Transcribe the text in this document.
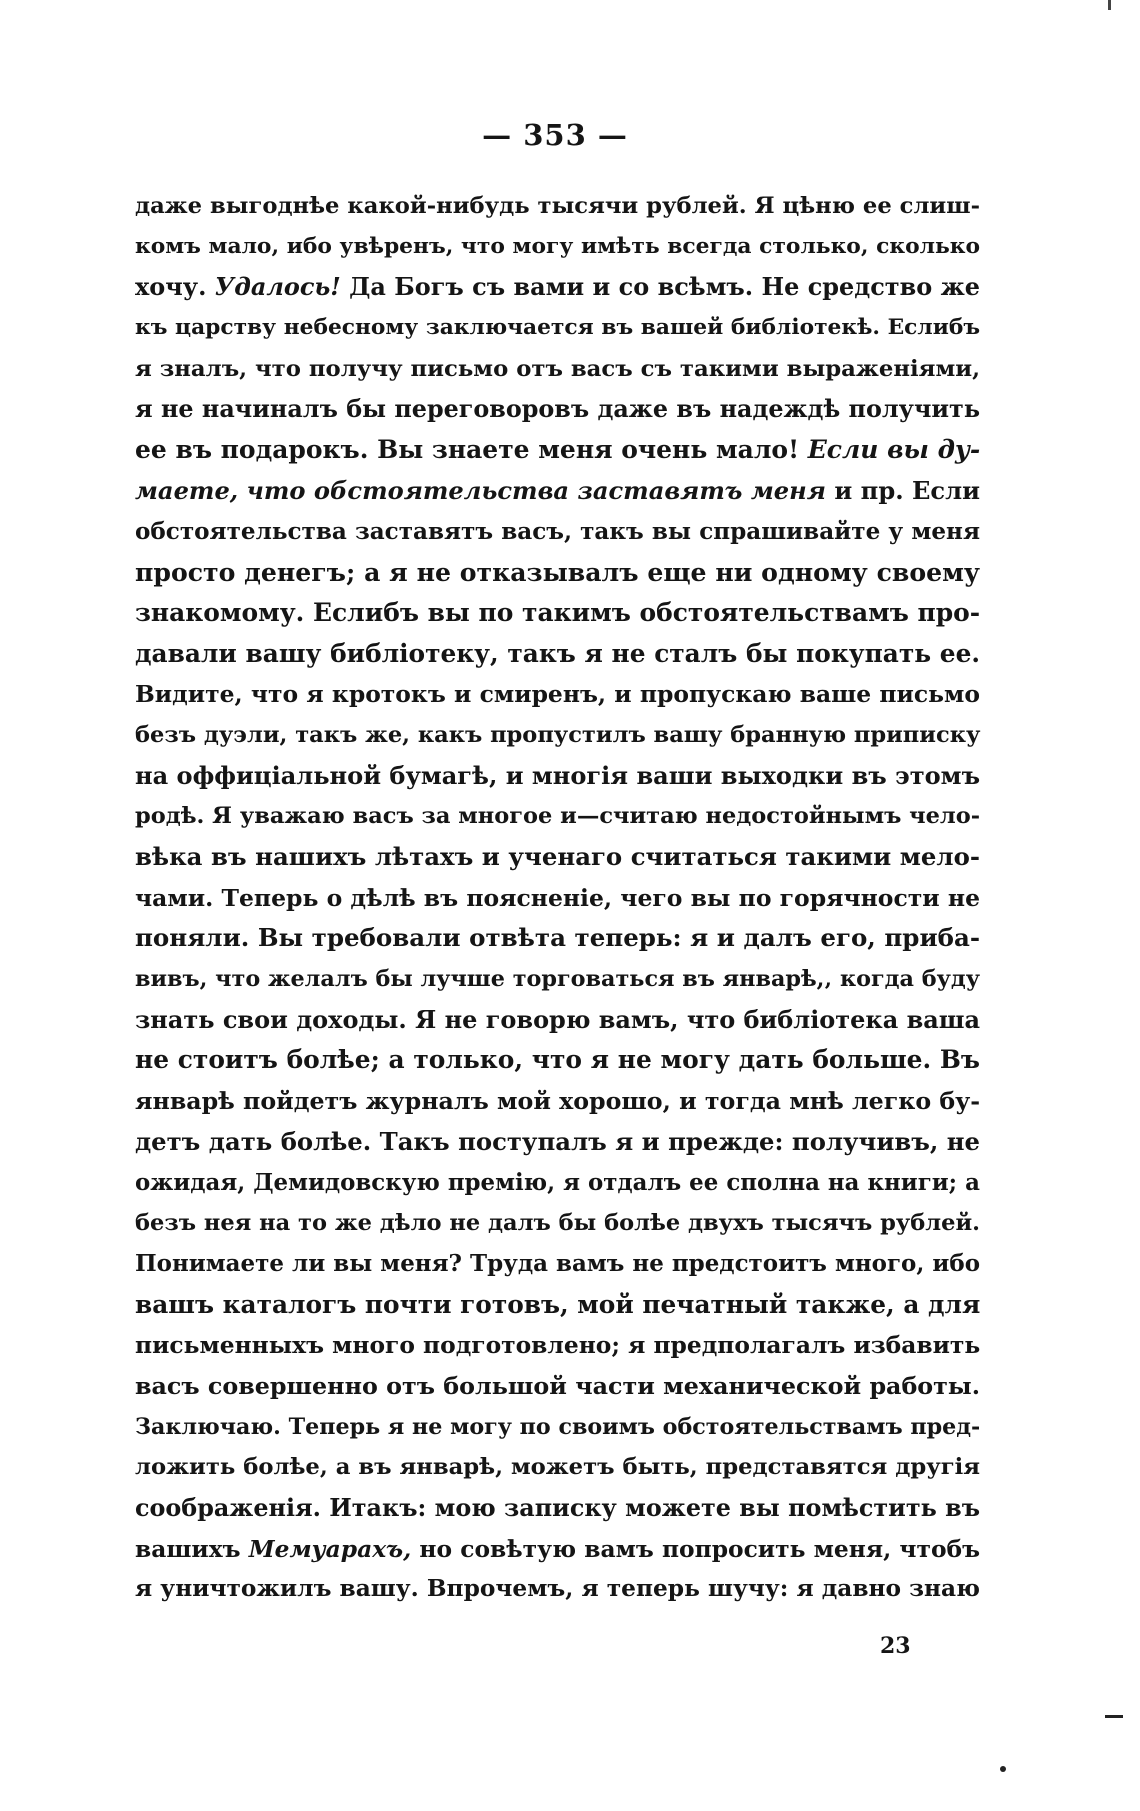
— 353 —
даже выгоднѣе какой-нибудь тысячи рублей. Я цѣню ее слиш-
комъ мало, ибо увѣренъ, что могу имѣть всегда столько, сколько
хочу. Удалось! Да Богъ съ вами и со всѣмъ. Не средство же
къ царству небесному заключается въ вашей библіотекѣ. Еслибъ
я зналъ, что получу письмо отъ васъ съ такими выраженіями,
я не начиналъ бы переговоровъ даже въ надеждѣ получить
ее въ подарокъ. Вы знаете меня очень мало! Если вы ду-
маете, что обстоятельства заставятъ меня и пр. Если
обстоятельства заставятъ васъ, такъ вы спрашивайте у меня
просто денегъ; а я не отказывалъ еще ни одному своему
знакомому. Еслибъ вы по такимъ обстоятельствамъ про-
давали вашу библіотеку, такъ я не сталъ бы покупать ее.
Видите, что я кротокъ и смиренъ, и пропускаю ваше письмо
безъ дуэли, такъ же, какъ пропустилъ вашу бранную приписку
на оффиціальной бумагѣ, и многія ваши выходки въ этомъ
родѣ. Я уважаю васъ за многое и—считаю недостойнымъ чело-
вѣка въ нашихъ лѣтахъ и ученаго считаться такими мело-
чами. Теперь о дѣлѣ въ поясненіе, чего вы по горячности не
поняли. Вы требовали отвѣта теперь: я и далъ его, приба-
вивъ, что желалъ бы лучше торговаться въ январѣ,‚ когда буду
знать свои доходы. Я не говорю вамъ, что библіотека ваша
не стоитъ болѣе; а только, что я не могу дать больше. Въ
январѣ пойдетъ журналъ мой хорошо, и тогда мнѣ легко бу-
детъ дать болѣе. Такъ поступалъ я и прежде: получивъ, не
ожидая, Демидовскую премію, я отдалъ ее сполна на книги; а
безъ нея на то же дѣло не далъ бы болѣе двухъ тысячъ рублей.
Понимаете ли вы меня? Труда вамъ не предстоитъ много, ибо
вашъ каталогъ почти готовъ, мой печатный также, а для
письменныхъ много подготовлено; я предполагалъ избавить
васъ совершенно отъ большой части механической работы.
Заключаю. Теперь я не могу по своимъ обстоятельствамъ пред-
ложить болѣе, а въ январѣ, можетъ быть, представятся другія
соображенія. Итакъ: мою записку можете вы помѣстить въ
вашихъ Мемуарахъ, но совѣтую вамъ попросить меня, чтобъ
я уничтожилъ вашу. Впрочемъ, я теперь шучу: я давно знаю
23
